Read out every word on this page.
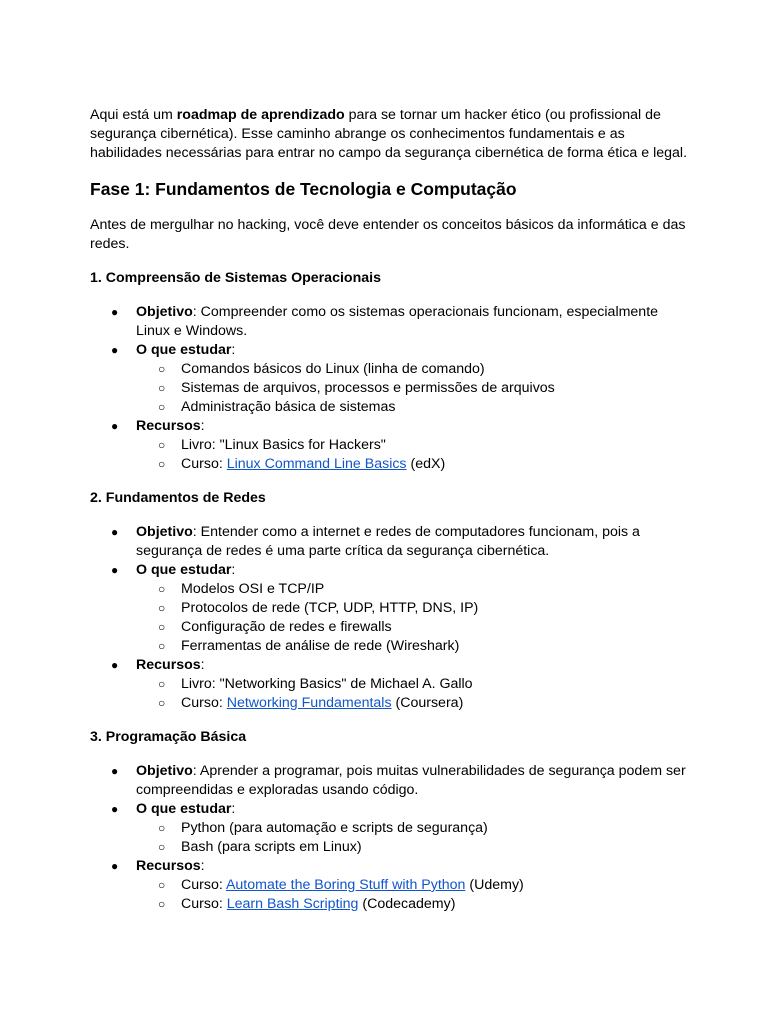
Aqui está um roadmap de aprendizado para se tornar um hacker ético (ou profissional de segurança cibernética). Esse caminho abrange os conhecimentos fundamentais e as habilidades necessárias para entrar no campo da segurança cibernética de forma ética e legal.

Fase 1: Fundamentos de Tecnologia e Computação

Antes de mergulhar no hacking, você deve entender os conceitos básicos da informática e das redes.

1. Compreensão de Sistemas Operacionais
● Objetivo: Compreender como os sistemas operacionais funcionam, especialmente Linux e Windows.
● O que estudar:
○ Comandos básicos do Linux (linha de comando)
○ Sistemas de arquivos, processos e permissões de arquivos
○ Administração básica de sistemas
● Recursos:
○ Livro: "Linux Basics for Hackers"
○ Curso: Linux Command Line Basics (edX)
2. Fundamentos de Redes
● Objetivo: Entender como a internet e redes de computadores funcionam, pois a segurança de redes é uma parte crítica da segurança cibernética.
● O que estudar:
○ Modelos OSI e TCP/IP
○ Protocolos de rede (TCP, UDP, HTTP, DNS, IP)
○ Configuração de redes e firewalls
○ Ferramentas de análise de rede (Wireshark)
● Recursos:
○ Livro: "Networking Basics" de Michael A. Gallo
○ Curso: Networking Fundamentals (Coursera)
3. Programação Básica
● Objetivo: Aprender a programar, pois muitas vulnerabilidades de segurança podem ser compreendidas e exploradas usando código.
● O que estudar:
○ Python (para automação e scripts de segurança)
○ Bash (para scripts em Linux)
● Recursos:
○ Curso: Automate the Boring Stuff with Python (Udemy)
○ Curso: Learn Bash Scripting (Codecademy)
